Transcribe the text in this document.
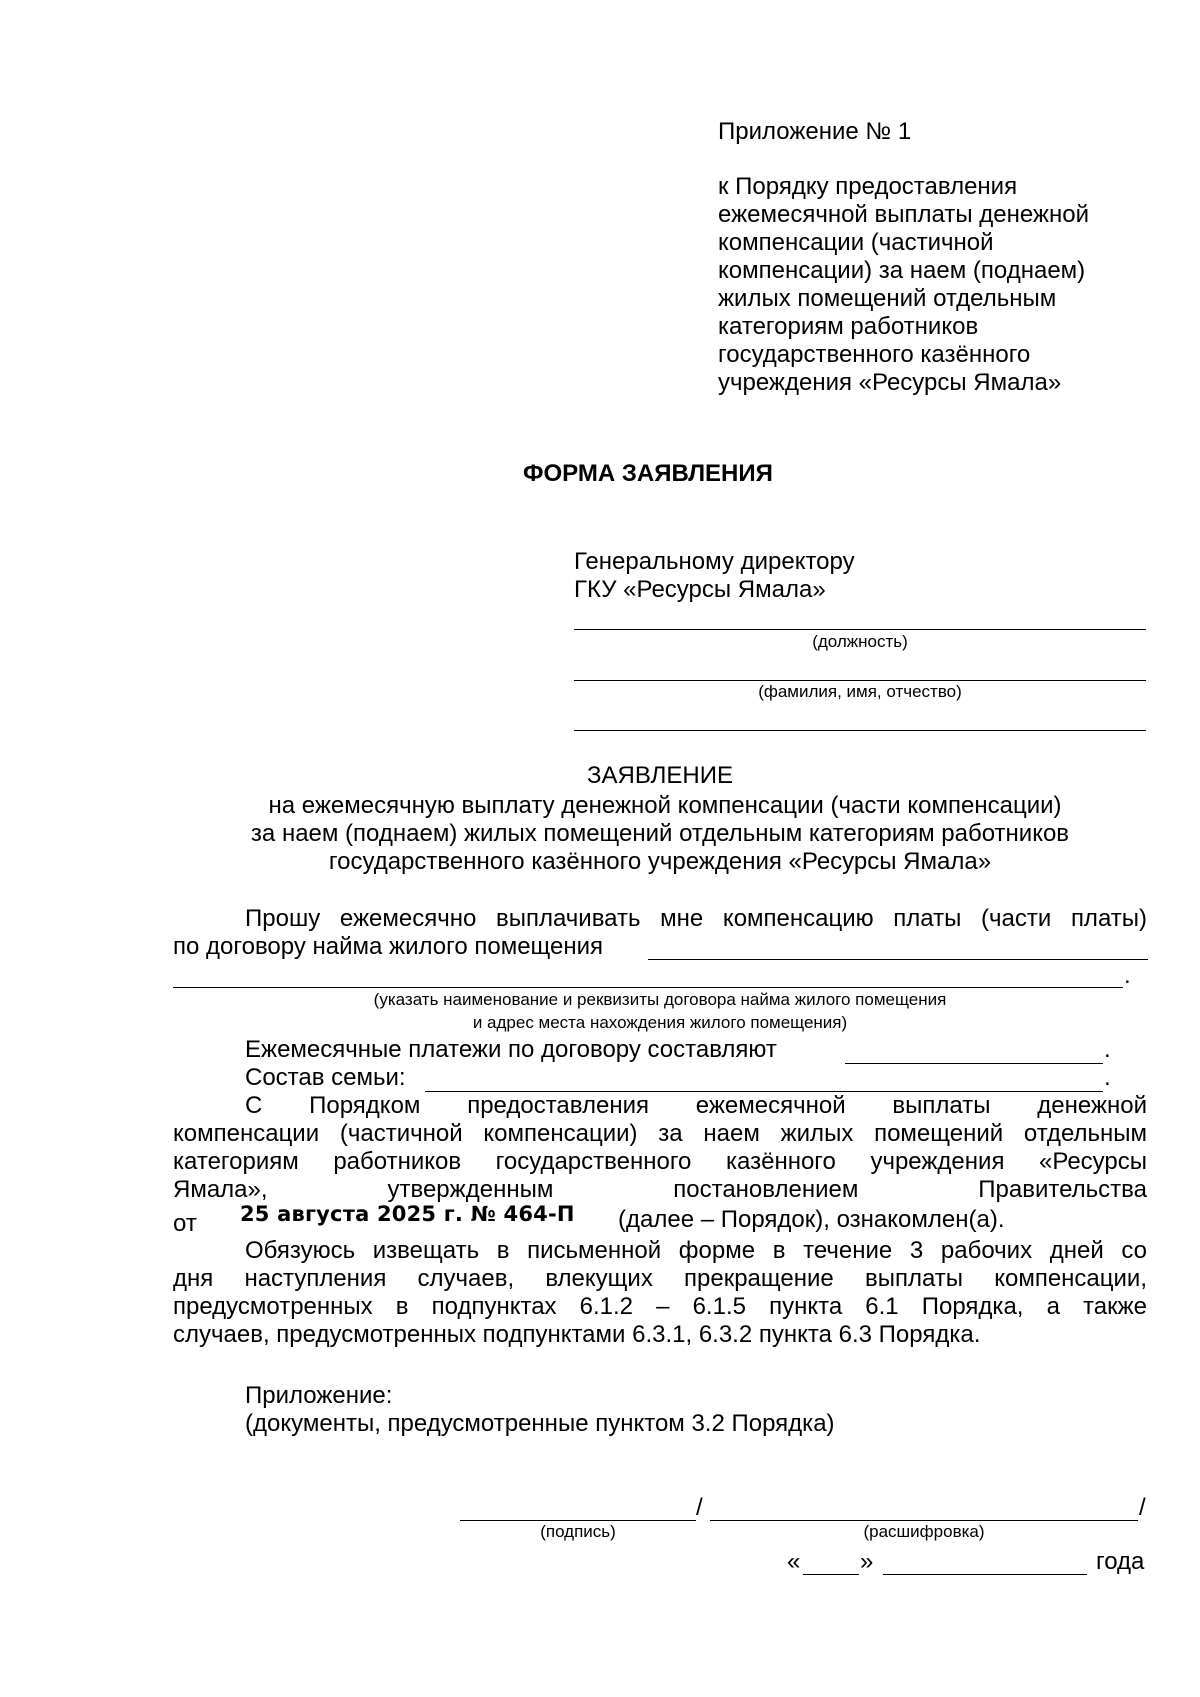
Приложение № 1
к Порядку предоставления
ежемесячной выплаты денежной
компенсации (частичной
компенсации) за наем (поднаем)
жилых помещений отдельным
категориям работников
государственного казённого
учреждения «Ресурсы Ямала»
ФОРМА ЗАЯВЛЕНИЯ
Генеральному директору
ГКУ «Ресурсы Ямала»
(должность)
(фамилия, имя, отчество)
ЗАЯВЛЕНИЕ
на ежемесячную выплату денежной компенсации (части компенсации)
за наем (поднаем) жилых помещений отдельным категориям работников
государственного казённого учреждения «Ресурсы Ямала»
Прошу ежемесячно выплачивать мне компенсацию платы (части платы)
по договору найма жилого помещения
.
(указать наименование и реквизиты договора найма жилого помещения
и адрес места нахождения жилого помещения)
Ежемесячные платежи по договору составляют	.
Состав семьи:	.
С Порядком предоставления ежемесячной выплаты денежной
компенсации (частичной компенсации) за наем жилых помещений отдельным
категориям работников государственного казённого учреждения «Ресурсы
Ямала», утвержденным постановлением Правительства
от 25 августа 2025 г. № 464-П (далее – Порядок), ознакомлен(а).
Обязуюсь извещать в письменной форме в течение 3 рабочих дней со
дня наступления случаев, влекущих прекращение выплаты компенсации,
предусмотренных в подпунктах 6.1.2 – 6.1.5 пункта 6.1 Порядка, а также
случаев, предусмотренных подпунктами 6.3.1, 6.3.2 пункта 6.3 Порядка.
Приложение:
(документы, предусмотренные пунктом 3.2 Порядка)
/	/
(подпись)	(расшифровка)
« »	года
